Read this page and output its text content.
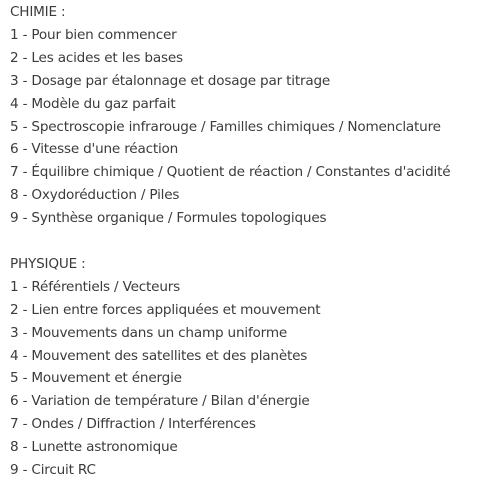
CHIMIE :
1 - Pour bien commencer
2 - Les acides et les bases
3 - Dosage par étalonnage et dosage par titrage
4 - Modèle du gaz parfait
5 - Spectroscopie infrarouge / Familles chimiques / Nomenclature
6 - Vitesse d'une réaction
7 - Équilibre chimique / Quotient de réaction / Constantes d'acidité
8 - Oxydoréduction / Piles
9 - Synthèse organique / Formules topologiques
PHYSIQUE :
1 - Référentiels / Vecteurs
2 - Lien entre forces appliquées et mouvement
3 - Mouvements dans un champ uniforme
4 - Mouvement des satellites et des planètes
5 - Mouvement et énergie
6 - Variation de température / Bilan d'énergie
7 - Ondes / Diffraction / Interférences
8 - Lunette astronomique
9 - Circuit RC
